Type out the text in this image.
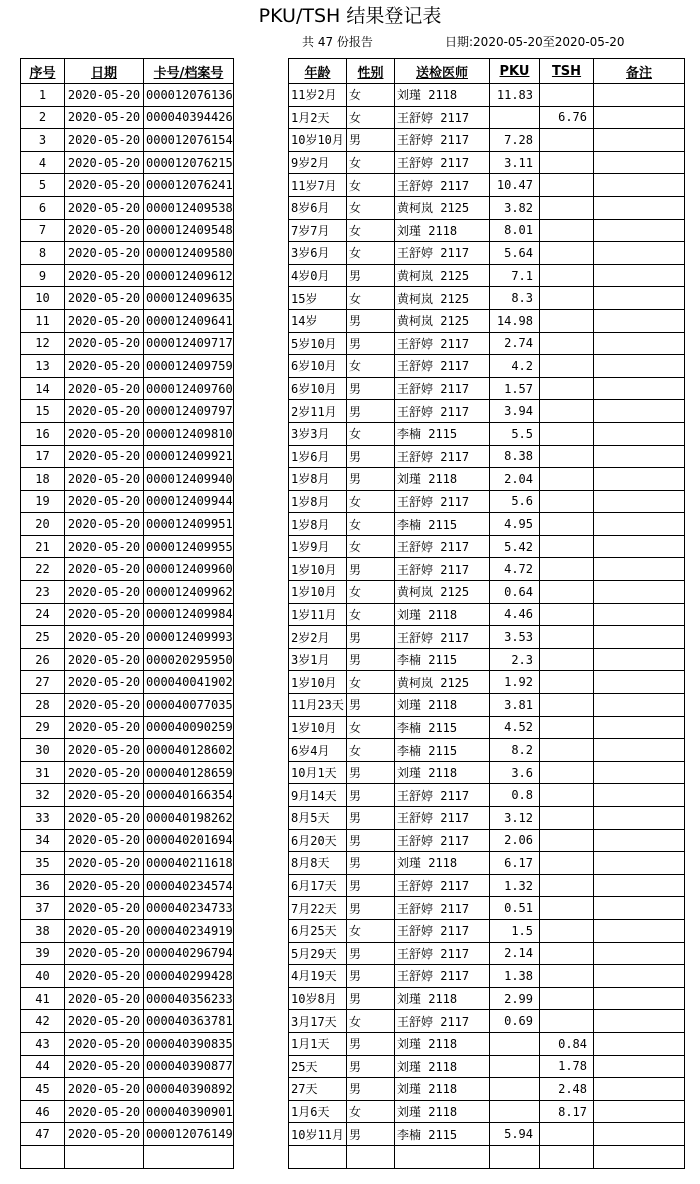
PKU/TSH 结果登记表
共 47 份报告	日期:2020-05-20至2020-05-20
序号	日期	卡号/档案号		年龄	性别	送检医师	PKU	TSH	备注
1	2020-05-20	000012076136		11岁2月	女	刘瑾 2118	11.83		
2	2020-05-20	000040394426		1月2天	女	王舒婷 2117		6.76	
3	2020-05-20	000012076154		10岁10月	男	王舒婷 2117	7.28		
4	2020-05-20	000012076215		9岁2月	女	王舒婷 2117	3.11		
5	2020-05-20	000012076241		11岁7月	女	王舒婷 2117	10.47		
6	2020-05-20	000012409538		8岁6月	女	黄柯岚 2125	3.82		
7	2020-05-20	000012409548		7岁7月	女	刘瑾 2118	8.01		
8	2020-05-20	000012409580		3岁6月	女	王舒婷 2117	5.64		
9	2020-05-20	000012409612		4岁0月	男	黄柯岚 2125	7.1		
10	2020-05-20	000012409635		15岁	女	黄柯岚 2125	8.3		
11	2020-05-20	000012409641		14岁	男	黄柯岚 2125	14.98		
12	2020-05-20	000012409717		5岁10月	男	王舒婷 2117	2.74		
13	2020-05-20	000012409759		6岁10月	女	王舒婷 2117	4.2		
14	2020-05-20	000012409760		6岁10月	男	王舒婷 2117	1.57		
15	2020-05-20	000012409797		2岁11月	男	王舒婷 2117	3.94		
16	2020-05-20	000012409810		3岁3月	女	李楠 2115	5.5		
17	2020-05-20	000012409921		1岁6月	男	王舒婷 2117	8.38		
18	2020-05-20	000012409940		1岁8月	男	刘瑾 2118	2.04		
19	2020-05-20	000012409944		1岁8月	女	王舒婷 2117	5.6		
20	2020-05-20	000012409951		1岁8月	女	李楠 2115	4.95		
21	2020-05-20	000012409955		1岁9月	女	王舒婷 2117	5.42		
22	2020-05-20	000012409960		1岁10月	男	王舒婷 2117	4.72		
23	2020-05-20	000012409962		1岁10月	女	黄柯岚 2125	0.64		
24	2020-05-20	000012409984		1岁11月	女	刘瑾 2118	4.46		
25	2020-05-20	000012409993		2岁2月	男	王舒婷 2117	3.53		
26	2020-05-20	000020295950		3岁1月	男	李楠 2115	2.3		
27	2020-05-20	000040041902		1岁10月	女	黄柯岚 2125	1.92		
28	2020-05-20	000040077035		11月23天	男	刘瑾 2118	3.81		
29	2020-05-20	000040090259		1岁10月	女	李楠 2115	4.52		
30	2020-05-20	000040128602		6岁4月	女	李楠 2115	8.2		
31	2020-05-20	000040128659		10月1天	男	刘瑾 2118	3.6		
32	2020-05-20	000040166354		9月14天	男	王舒婷 2117	0.8		
33	2020-05-20	000040198262		8月5天	男	王舒婷 2117	3.12		
34	2020-05-20	000040201694		6月20天	男	王舒婷 2117	2.06		
35	2020-05-20	000040211618		8月8天	男	刘瑾 2118	6.17		
36	2020-05-20	000040234574		6月17天	男	王舒婷 2117	1.32		
37	2020-05-20	000040234733		7月22天	男	王舒婷 2117	0.51		
38	2020-05-20	000040234919		6月25天	女	王舒婷 2117	1.5		
39	2020-05-20	000040296794		5月29天	男	王舒婷 2117	2.14		
40	2020-05-20	000040299428		4月19天	男	王舒婷 2117	1.38		
41	2020-05-20	000040356233		10岁8月	男	刘瑾 2118	2.99		
42	2020-05-20	000040363781		3月17天	女	王舒婷 2117	0.69		
43	2020-05-20	000040390835		1月1天	男	刘瑾 2118		0.84	
44	2020-05-20	000040390877		25天	男	刘瑾 2118		1.78	
45	2020-05-20	000040390892		27天	男	刘瑾 2118		2.48	
46	2020-05-20	000040390901		1月6天	女	刘瑾 2118		8.17	
47	2020-05-20	000012076149		10岁11月	男	李楠 2115	5.94		
